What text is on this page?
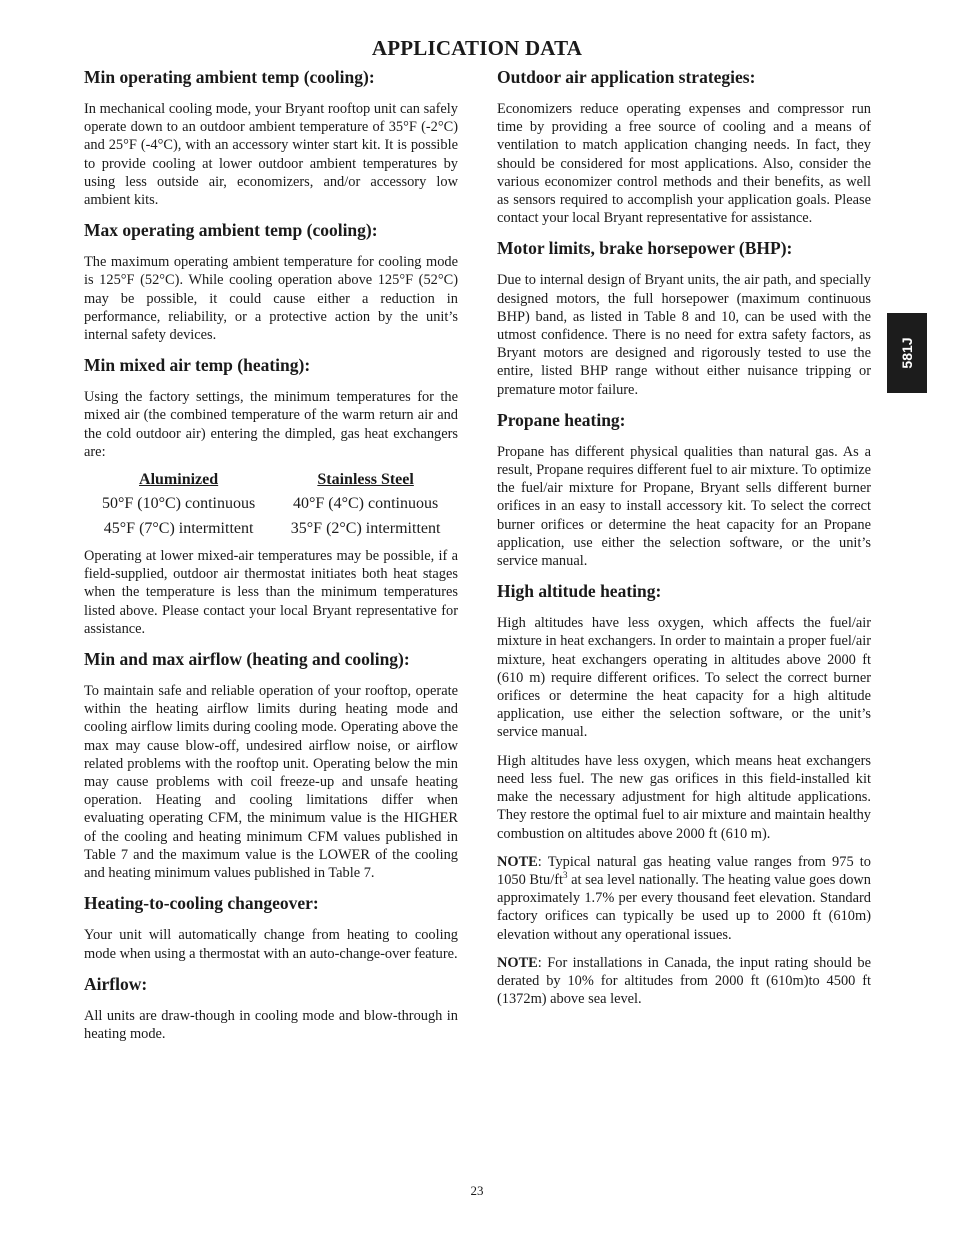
APPLICATION DATA
581J
Min operating ambient temp (cooling):

In mechanical cooling mode, your Bryant rooftop unit can safely operate down to an outdoor ambient temperature of 35°F (-2°C) and 25°F (-4°C), with an accessory winter start kit. It is possible to provide cooling at lower outdoor ambient temperatures by using less outside air, economizers, and/or accessory low ambient kits.

Max operating ambient temp (cooling):

The maximum operating ambient temperature for cooling mode is 125°F (52°C). While cooling operation above 125°F (52°C) may be possible, it could cause either a reduction in performance, reliability, or a protective action by the unit’s internal safety devices.

Min mixed air temp (heating):

Using the factory settings, the minimum temperatures for the mixed air (the combined temperature of the warm return air and the cold outdoor air) entering the dimpled, gas heat exchangers are:

Aluminized	Stainless Steel
50°F (10°C) continuous	40°F (4°C) continuous
45°F (7°C) intermittent	35°F (2°C) intermittent

Operating at lower mixed-air temperatures may be possible, if a field-supplied, outdoor air thermostat initiates both heat stages when the temperature is less than the minimum temperatures listed above. Please contact your local Bryant representative for assistance.

Min and max airflow (heating and cooling):

To maintain safe and reliable operation of your rooftop, operate within the heating airflow limits during heating mode and cooling airflow limits during cooling mode. Operating above the max may cause blow-off, undesired airflow noise, or airflow related problems with the rooftop unit. Operating below the min may cause problems with coil freeze-up and unsafe heating operation. Heating and cooling limitations differ when evaluating operating CFM, the minimum value is the HIGHER of the cooling and heating minimum CFM values published in Table 7 and the maximum value is the LOWER of the cooling and heating minimum values published in Table 7.

Heating-to-cooling changeover:

Your unit will automatically change from heating to cooling mode when using a thermostat with an auto-change-over feature.

Airflow:

All units are draw-though in cooling mode and blow-through in heating mode.

Outdoor air application strategies:

Economizers reduce operating expenses and compressor run time by providing a free source of cooling and a means of ventilation to match application changing needs. In fact, they should be considered for most applications. Also, consider the various economizer control methods and their benefits, as well as sensors required to accomplish your application goals. Please contact your local Bryant representative for assistance.

Motor limits, brake horsepower (BHP):

Due to internal design of Bryant units, the air path, and specially designed motors, the full horsepower (maximum continuous BHP) band, as listed in Table 8 and 10, can be used with the utmost confidence. There is no need for extra safety factors, as Bryant motors are designed and rigorously tested to use the entire, listed BHP range without either nuisance tripping or premature motor failure.

Propane heating:

Propane has different physical qualities than natural gas. As a result, Propane requires different fuel to air mixture. To optimize the fuel/air mixture for Propane, Bryant sells different burner orifices in an easy to install accessory kit. To select the correct burner orifices or determine the heat capacity for an Propane application, use either the selection software, or the unit’s service manual.

High altitude heating:

High altitudes have less oxygen, which affects the fuel/air mixture in heat exchangers. In order to maintain a proper fuel/air mixture, heat exchangers operating in altitudes above 2000 ft (610 m) require different orifices. To select the correct burner orifices or determine the heat capacity for a high altitude application, use either the selection software, or the unit’s service manual.

High altitudes have less oxygen, which means heat exchangers need less fuel. The new gas orifices in this field-installed kit make the necessary adjustment for high altitude applications. They restore the optimal fuel to air mixture and maintain healthy combustion on altitudes above 2000 ft (610 m).

NOTE: Typical natural gas heating value ranges from 975 to 1050 Btu/$ft^3$ at sea level nationally. The heating value goes down approximately 1.7% per every thousand feet elevation. Standard factory orifices can typically be used up to 2000 ft (610m) elevation without any operational issues.

NOTE: For installations in Canada, the input rating should be derated by 10% for altitudes from 2000 ft (610m)to 4500 ft (1372m) above sea level.

23
